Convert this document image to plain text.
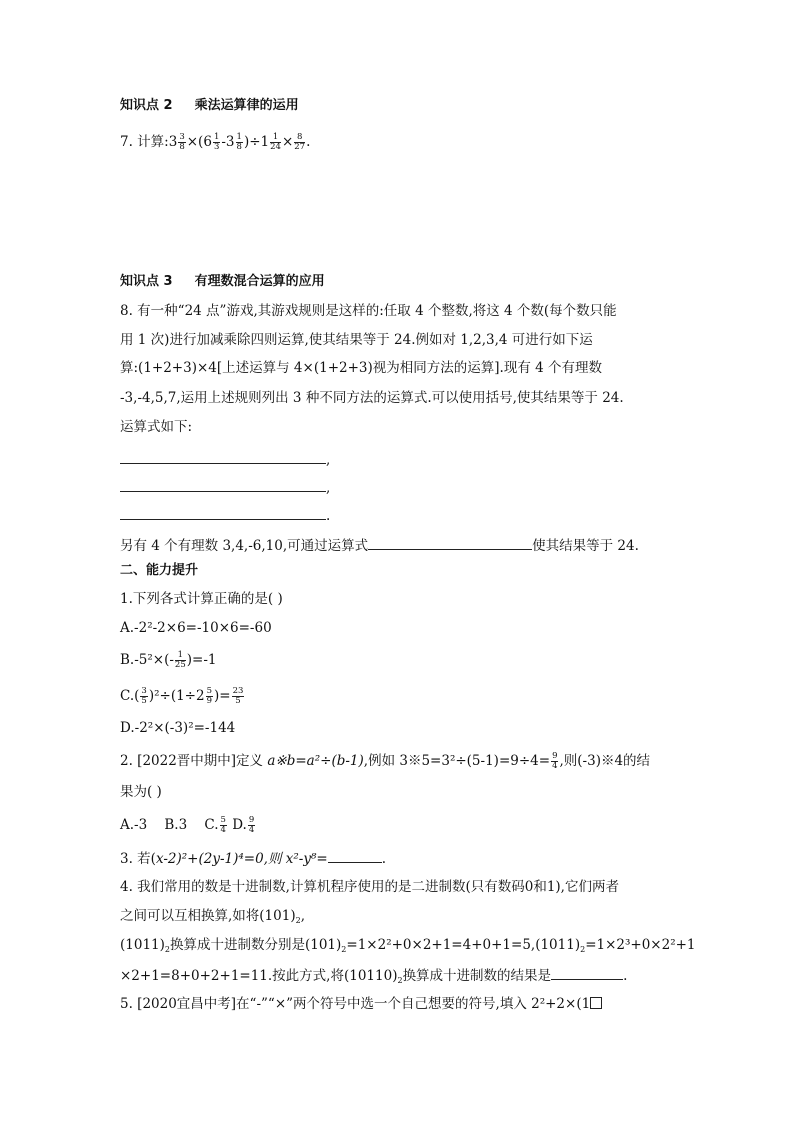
知识点 2 乘法运算律的运用
7. 计算:3 $\frac{3}{8} \times(6 \frac{1}{3} -3 \frac{1}{8} )\div 1 \frac{1}{24} \times \frac{8}{27}$ .
知识点 3 有理数混合运算的应用
8. 有一种“24 点”游戏,其游戏规则是这样的:任取 4 个整数,将这 4 个数(每个数只能
用 1 次)进行加减乘除四则运算,使其结果等于 24.例如对 1,2,3,4 可进行如下运
算:(1+2+3)×4[上述运算与 4×(1+2+3)视为相同方法的运算].现有 4 个有理数
-3,-4,5,7,运用上述规则列出 3 种不同方法的运算式.可以使用括号,使其结果等于 24.
运算式如下:
,
,
.
另有 4 个有理数 3,4,-6,10,可通过运算式	使其结果等于 24.
二、能力提升
1.下列各式计算正确的是( )
A.-2²-2×6=-10×6=-60
$B.-5^2\times(- \frac{1}{25} )=-1$
$C.( \frac{3}{5} )^2\div(1\div 2 \frac{5}{9}$ )= $\frac{23}{5}$
D.-2²×(-3)²=-144
2. [2022晋中期中]定义 a※b=a²÷(b-1),例如 3※5=3²÷(5-1)=9÷4= $\frac{9}{4}$ ,则(-3)※4的结
果为( )
A.-3 B.3 C. $\frac{5}{4} D$. $\frac{9}{4}$
3. 若(x-2)²+(2y-1)⁴=0,则 x²-y⁸=	.
4. 我们常用的数是十进制数,计算机程序使用的是二进制数(只有数码0和1),它们两者
之间可以互相换算,如将$(101)_2$,
$(1011)_2$换算成十进制数分别是$(101)_2=1\times 2^2+0\times 2+1=4+0+1=5,(1011)_2=1\times 2^3+0\times 2^2+1$
×2+1=8+0+2+1=11.按此方式,将$(10110)_2$换算成十进制数的结果是	.
5. [2020宜昌中考]在“-”“×”两个符号中选一个自己想要的符号,填入 2²+2×(1
